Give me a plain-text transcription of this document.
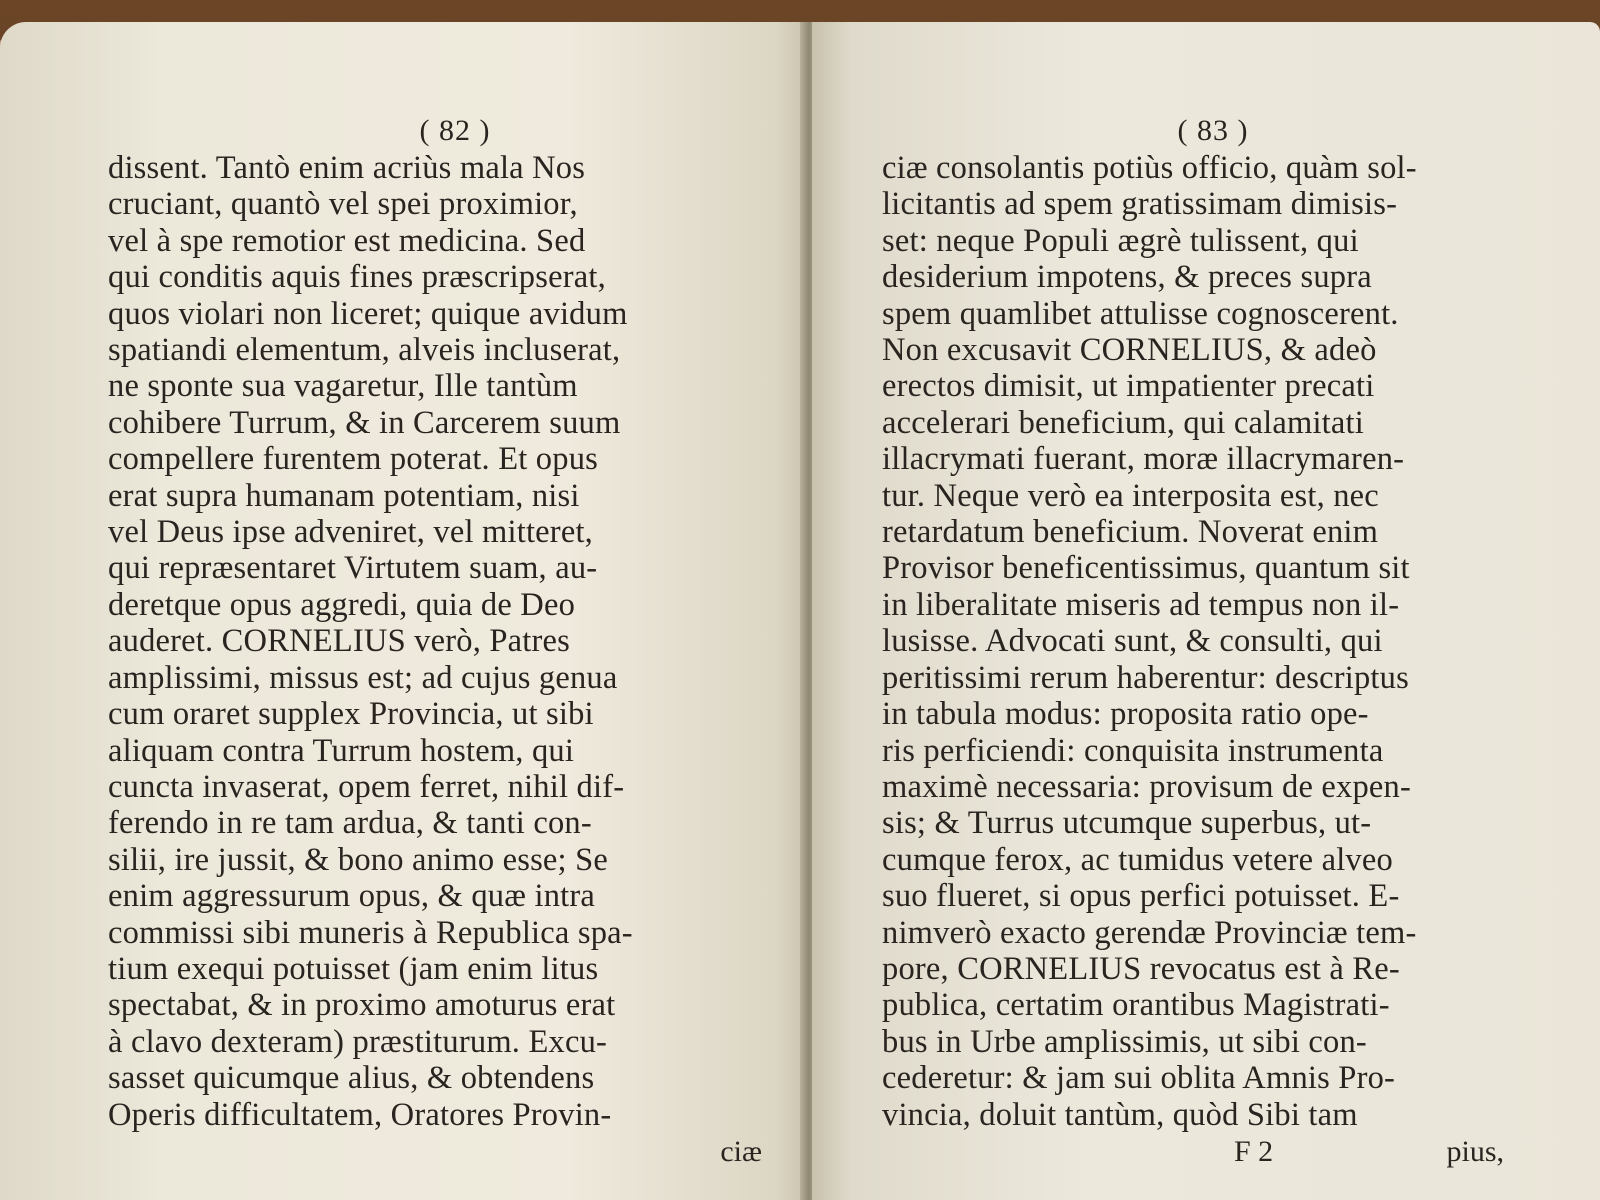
( 82 )
dissent. Tantò enim acriùs mala Nos
cruciant, quantò vel spei proximior,
vel à spe remotior est medicina. Sed
qui conditis aquis fines præscripserat,
quos violari non liceret; quique avidum
spatiandi elementum, alveis incluserat,
ne sponte sua vagaretur, Ille tantùm
cohibere Turrum, & in Carcerem suum
compellere furentem poterat. Et opus
erat supra humanam potentiam, nisi
vel Deus ipse adveniret, vel mitteret,
qui repræsentaret Virtutem suam, au-
deretque opus aggredi, quia de Deo
auderet. CORNELIUS verò, Patres
amplissimi, missus est; ad cujus genua
cum oraret supplex Provincia, ut sibi
aliquam contra Turrum hostem, qui
cuncta invaserat, opem ferret, nihil dif-
ferendo in re tam ardua, & tanti con-
silii, ire jussit, & bono animo esse; Se
enim aggressurum opus, & quæ intra
commissi sibi muneris à Republica spa-
tium exequi potuisset (jam enim litus
spectabat, & in proximo amoturus erat
à clavo dexteram) præstiturum. Excu-
sasset quicumque alius, & obtendens
Operis difficultatem, Oratores Provin-
ciæ
( 83 )
ciæ consolantis potiùs officio, quàm sol-
licitantis ad spem gratissimam dimisis-
set: neque Populi ægrè tulissent, qui
desiderium impotens, & preces supra
spem quamlibet attulisse cognoscerent.
Non excusavit CORNELIUS, & adeò
erectos dimisit, ut impatienter precati
accelerari beneficium, qui calamitati
illacrymati fuerant, moræ illacrymaren-
tur. Neque verò ea interposita est, nec
retardatum beneficium. Noverat enim
Provisor beneficentissimus, quantum sit
in liberalitate miseris ad tempus non il-
lusisse. Advocati sunt, & consulti, qui
peritissimi rerum haberentur: descriptus
in tabula modus: proposita ratio ope-
ris perficiendi: conquisita instrumenta
maximè necessaria: provisum de expen-
sis; & Turrus utcumque superbus, ut-
cumque ferox, ac tumidus vetere alveo
suo flueret, si opus perfici potuisset. E-
nimverò exacto gerendæ Provinciæ tem-
pore, CORNELIUS revocatus est à Re-
publica, certatim orantibus Magistrati-
bus in Urbe amplissimis, ut sibi con-
cederetur: & jam sui oblita Amnis Pro-
vincia, doluit tantùm, quòd Sibi tam
F 2	pius,
